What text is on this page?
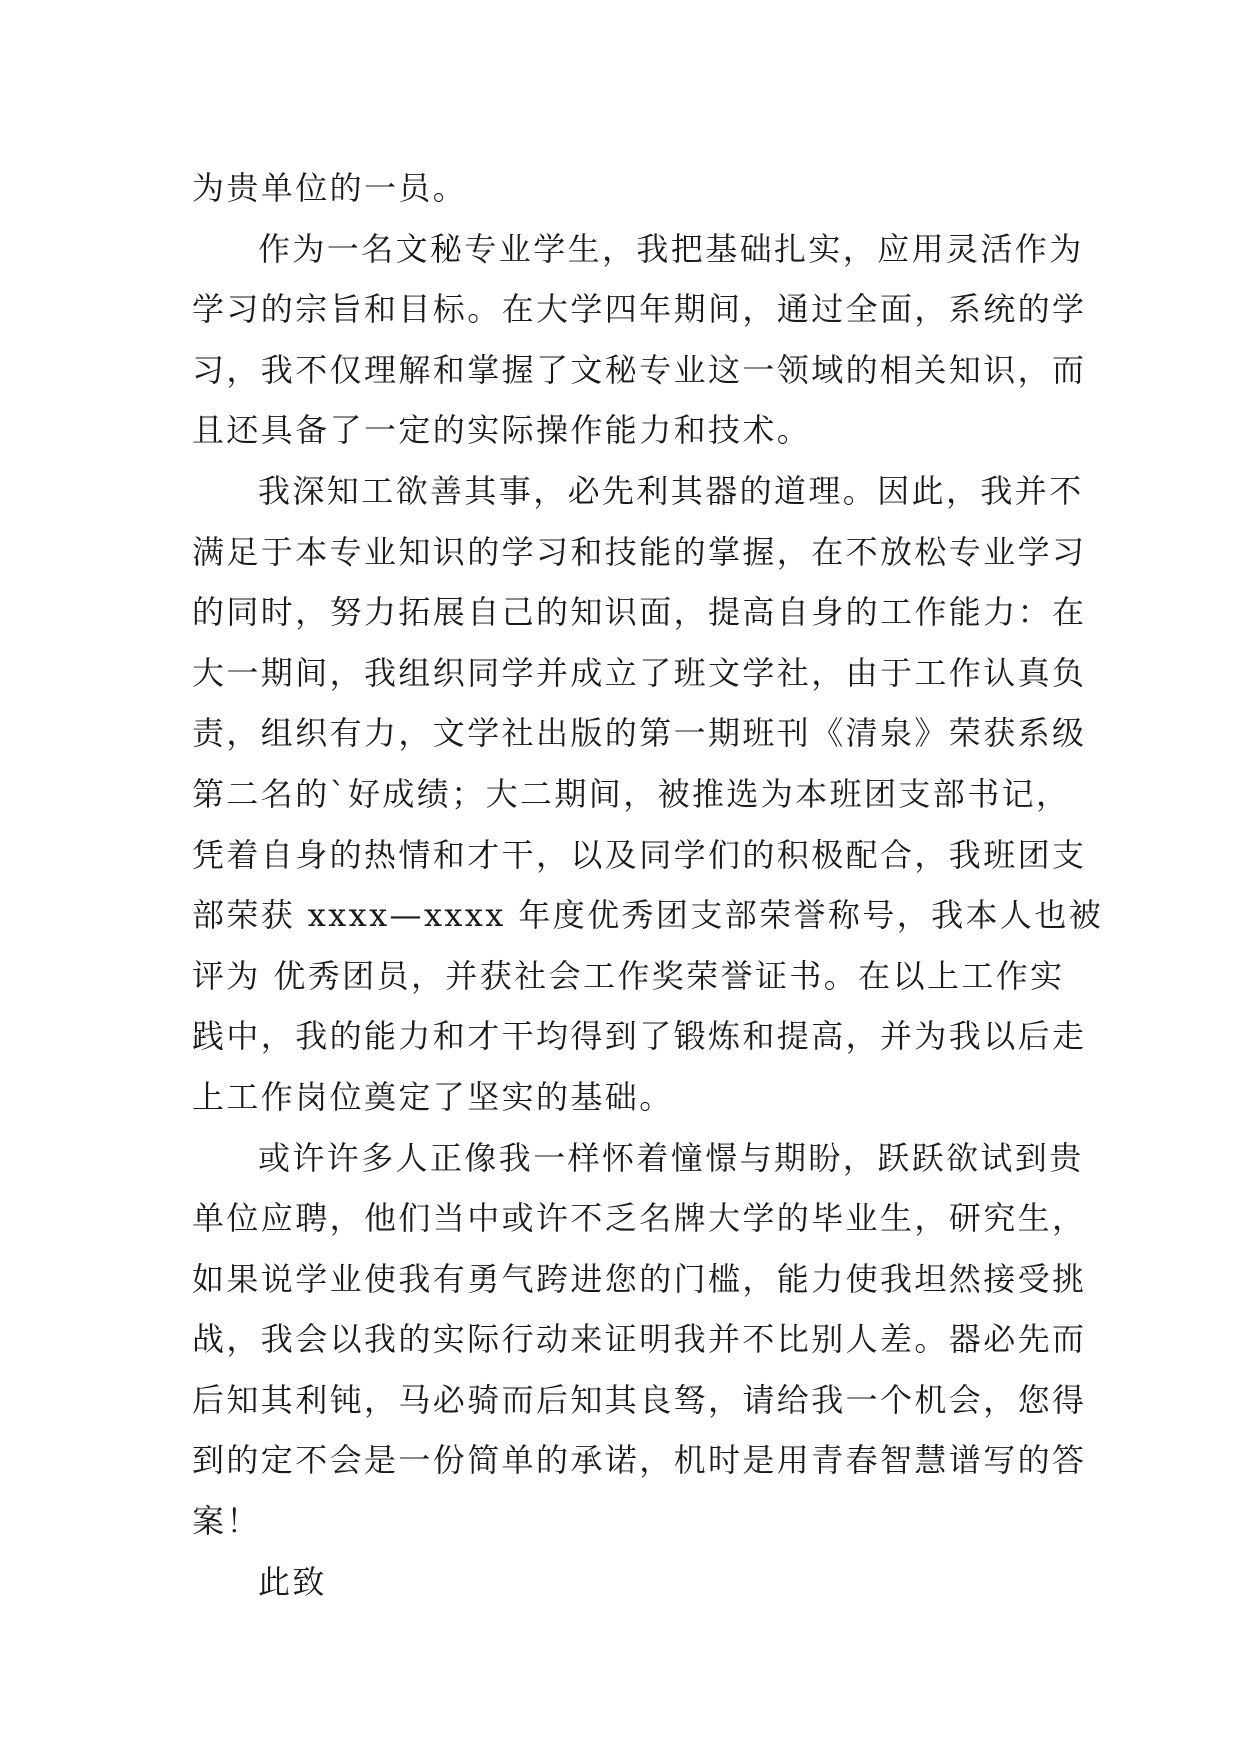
为贵单位的一员。
作为一名文秘专业学生，我把基础扎实，应用灵活作为
学习的宗旨和目标。在大学四年期间，通过全面，系统的学
习，我不仅理解和掌握了文秘专业这一领域的相关知识，而
且还具备了一定的实际操作能力和技术。
我深知工欲善其事，必先利其器的道理。因此，我并不
满足于本专业知识的学习和技能的掌握，在不放松专业学习
的同时，努力拓展自己的知识面，提高自身的工作能力：在
大一期间，我组织同学并成立了班文学社，由于工作认真负
责，组织有力，文学社出版的第一期班刊《清泉》荣获系级
第二名的`好成绩；大二期间，被推选为本班团支部书记，
凭着自身的热情和才干，以及同学们的积极配合，我班团支
部荣获 xxxx—xxxx 年度优秀团支部荣誉称号，我本人也被
评为 优秀团员，并获社会工作奖荣誉证书。在以上工作实
践中，我的能力和才干均得到了锻炼和提高，并为我以后走
上工作岗位奠定了坚实的基础。
或许许多人正像我一样怀着憧憬与期盼，跃跃欲试到贵
单位应聘，他们当中或许不乏名牌大学的毕业生，研究生，
如果说学业使我有勇气跨进您的门槛，能力使我坦然接受挑
战，我会以我的实际行动来证明我并不比别人差。器必先而
后知其利钝，马必骑而后知其良驽，请给我一个机会，您得
到的定不会是一份简单的承诺，机时是用青春智慧谱写的答
案！
此致
